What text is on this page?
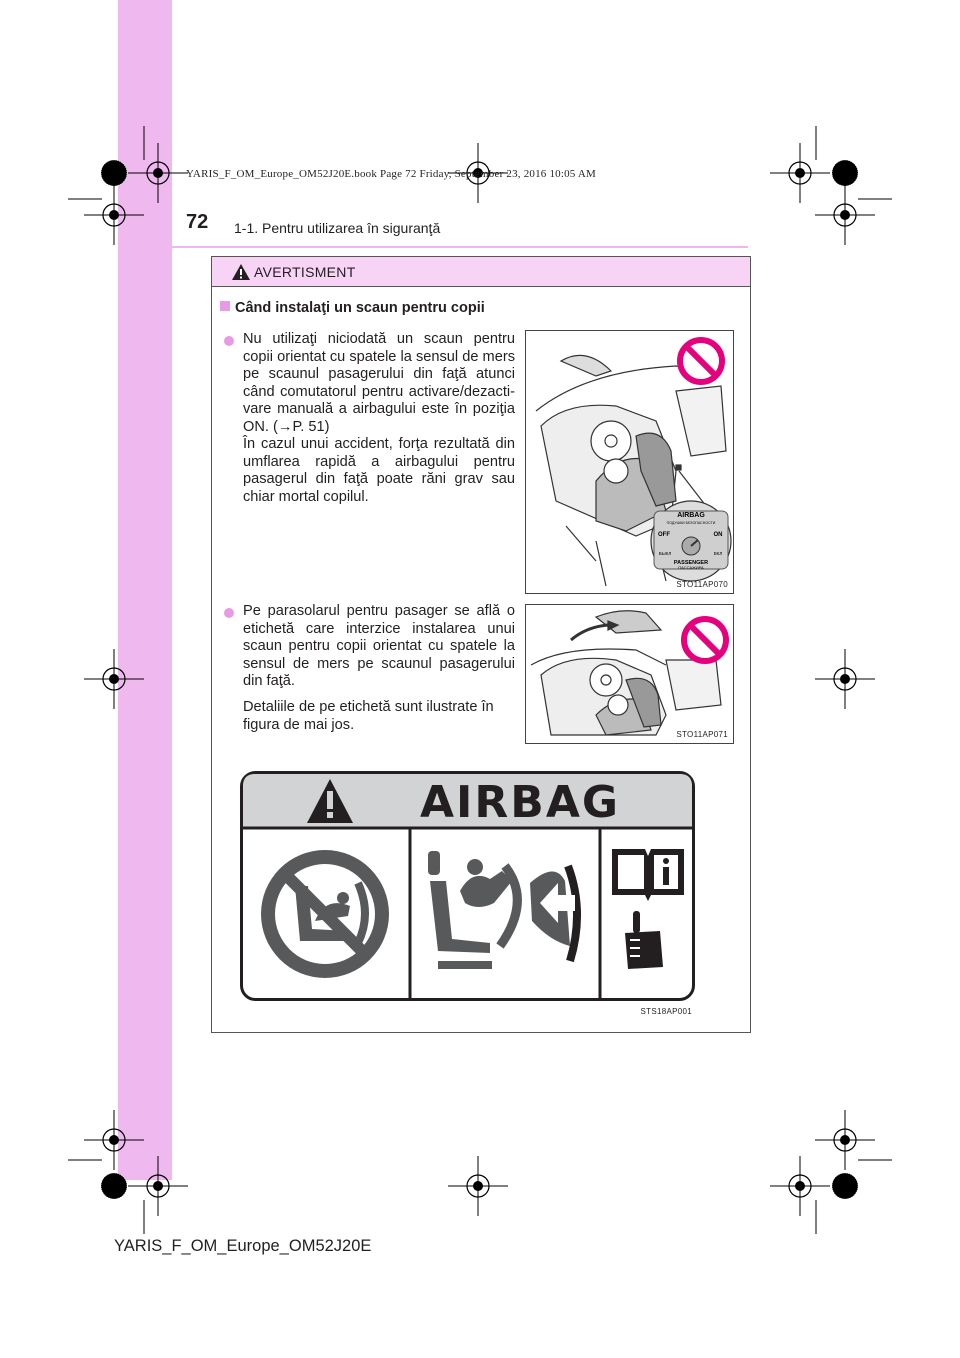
YARIS_F_OM_Europe_OM52J20E.book Page 72 Friday, September 23, 2016 10:05 AM
72 1-1. Pentru utilizarea în siguranţă
AVERTISMENT
Când instalaţi un scaun pentru copii
Nu utilizaţi niciodată un scaun pentru
copii orientat cu spatele la sensul de mers
pe scaunul pasagerului din faţă atunci
când comutatorul pentru activare/dezacti-
vare manuală a airbagului este în poziţia
ON. (→P. 51)
În cazul unui accident, forţa rezultată din
umflarea rapidă a airbagului pentru
pasagerul din faţă poate răni grav sau
chiar mortal copilul.
AIRBAG
ПОДУШКИ БЕЗОПАСНОСТИ
OFF	ON
ВЫКЛ	ВКЛ
PASSENGER
ПАССАЖИРА
STO11AP070
Pe parasolarul pentru pasager se află o
etichetă care interzice instalarea unui
scaun pentru copii orientat cu spatele la
sensul de mers pe scaunul pasagerului
din faţă.
Detaliile de pe etichetă sunt ilustrate în
figura de mai jos.
STO11AP071
AIRBAG
STS18AP001
YARIS_F_OM_Europe_OM52J20E
